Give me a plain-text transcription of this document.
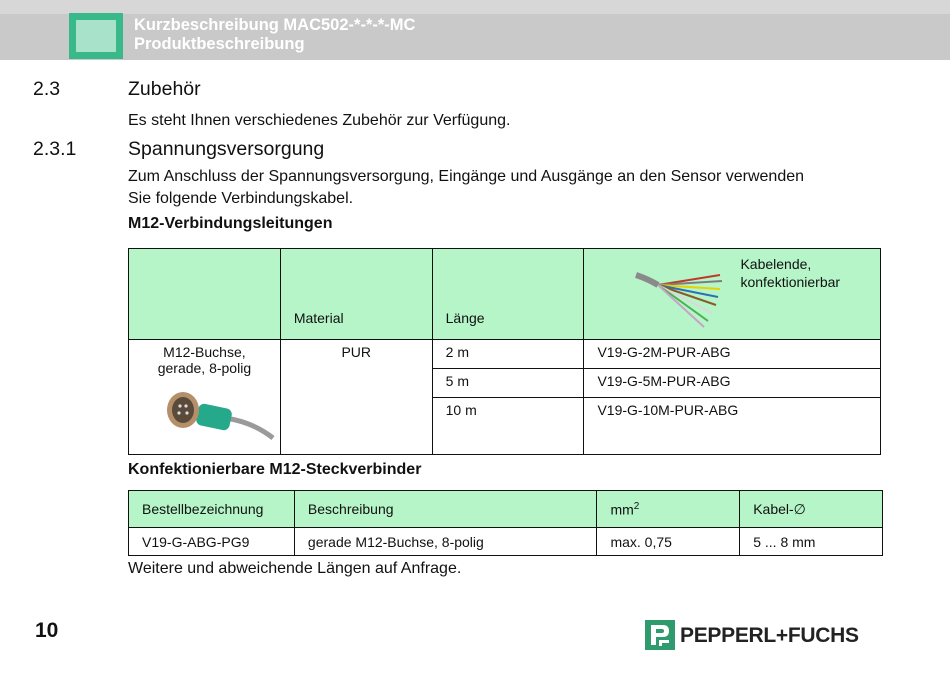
Kurzbeschreibung MAC502-*-*-*-MC
Produktbeschreibung
2.3	Zubehör
Es steht Ihnen verschiedenes Zubehör zur Verfügung.
2.3.1	Spannungsversorgung
Zum Anschluss der Spannungsversorgung, Eingänge und Ausgänge an den Sensor verwenden
Sie folgende Verbindungskabel.
M12-Verbindungsleitungen
	Material	Länge	Kabelende,
konfektionierbar

M12-Buchse,
gerade, 8-polig	PUR	2 m	V19-G-2M-PUR-ABG
		5 m	V19-G-5M-PUR-ABG
		10 m	V19-G-10M-PUR-ABG
Konfektionierbare M12-Steckverbinder
Bestellbezeichnung	Beschreibung	$mm^2$	Kabel-∅
V19-G-ABG-PG9	gerade M12-Buchse, 8-polig	max. 0,75	5 ... 8 mm
Weitere und abweichende Längen auf Anfrage.
10	PEPPERL+FUCHS
